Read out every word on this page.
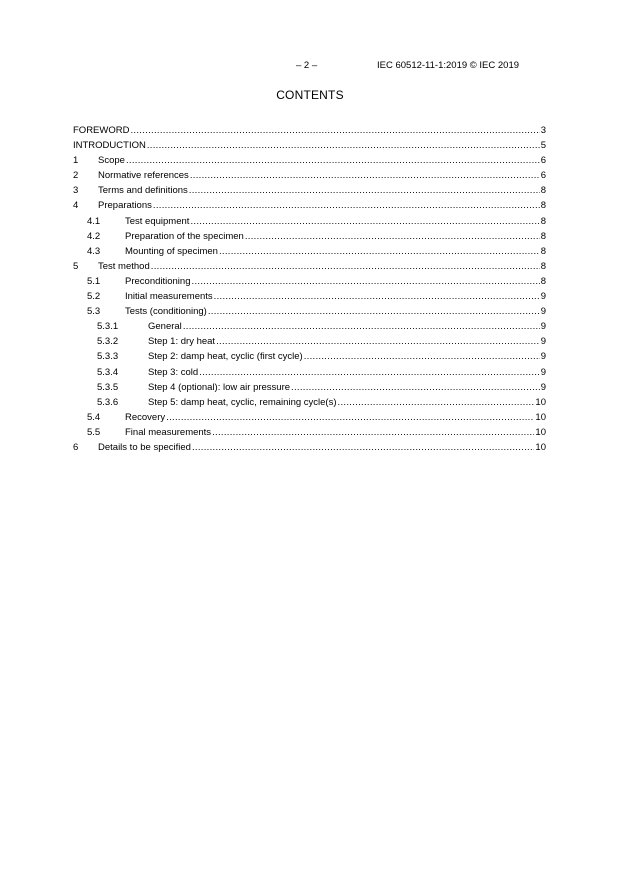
– 2 –	IEC 60512-11-1:2019 © IEC 2019
CONTENTS
FOREWORD .....	3
INTRODUCTION .....	5
1 Scope .....	6
2 Normative references .....	6
3 Terms and definitions .....	8
4 Preparations .....	8
4.1	Test equipment .....	8
4.2	Preparation of the specimen .....	8
4.3	Mounting of specimen .....	8
5 Test method .....	8
5.1	Preconditioning .....	8
5.2	Initial measurements .....	9
5.3	Tests (conditioning) .....	9
5.3.1	General .....	9
5.3.2	Step 1: dry heat .....	9
5.3.3	Step 2: damp heat, cyclic (first cycle) .....	9
5.3.4	Step 3: cold .....	9
5.3.5	Step 4 (optional): low air pressure .....	9
5.3.6	Step 5: damp heat, cyclic, remaining cycle(s) .....	10
5.4	Recovery .....	10
5.5	Final measurements .....	10
6 Details to be specified .....	10
